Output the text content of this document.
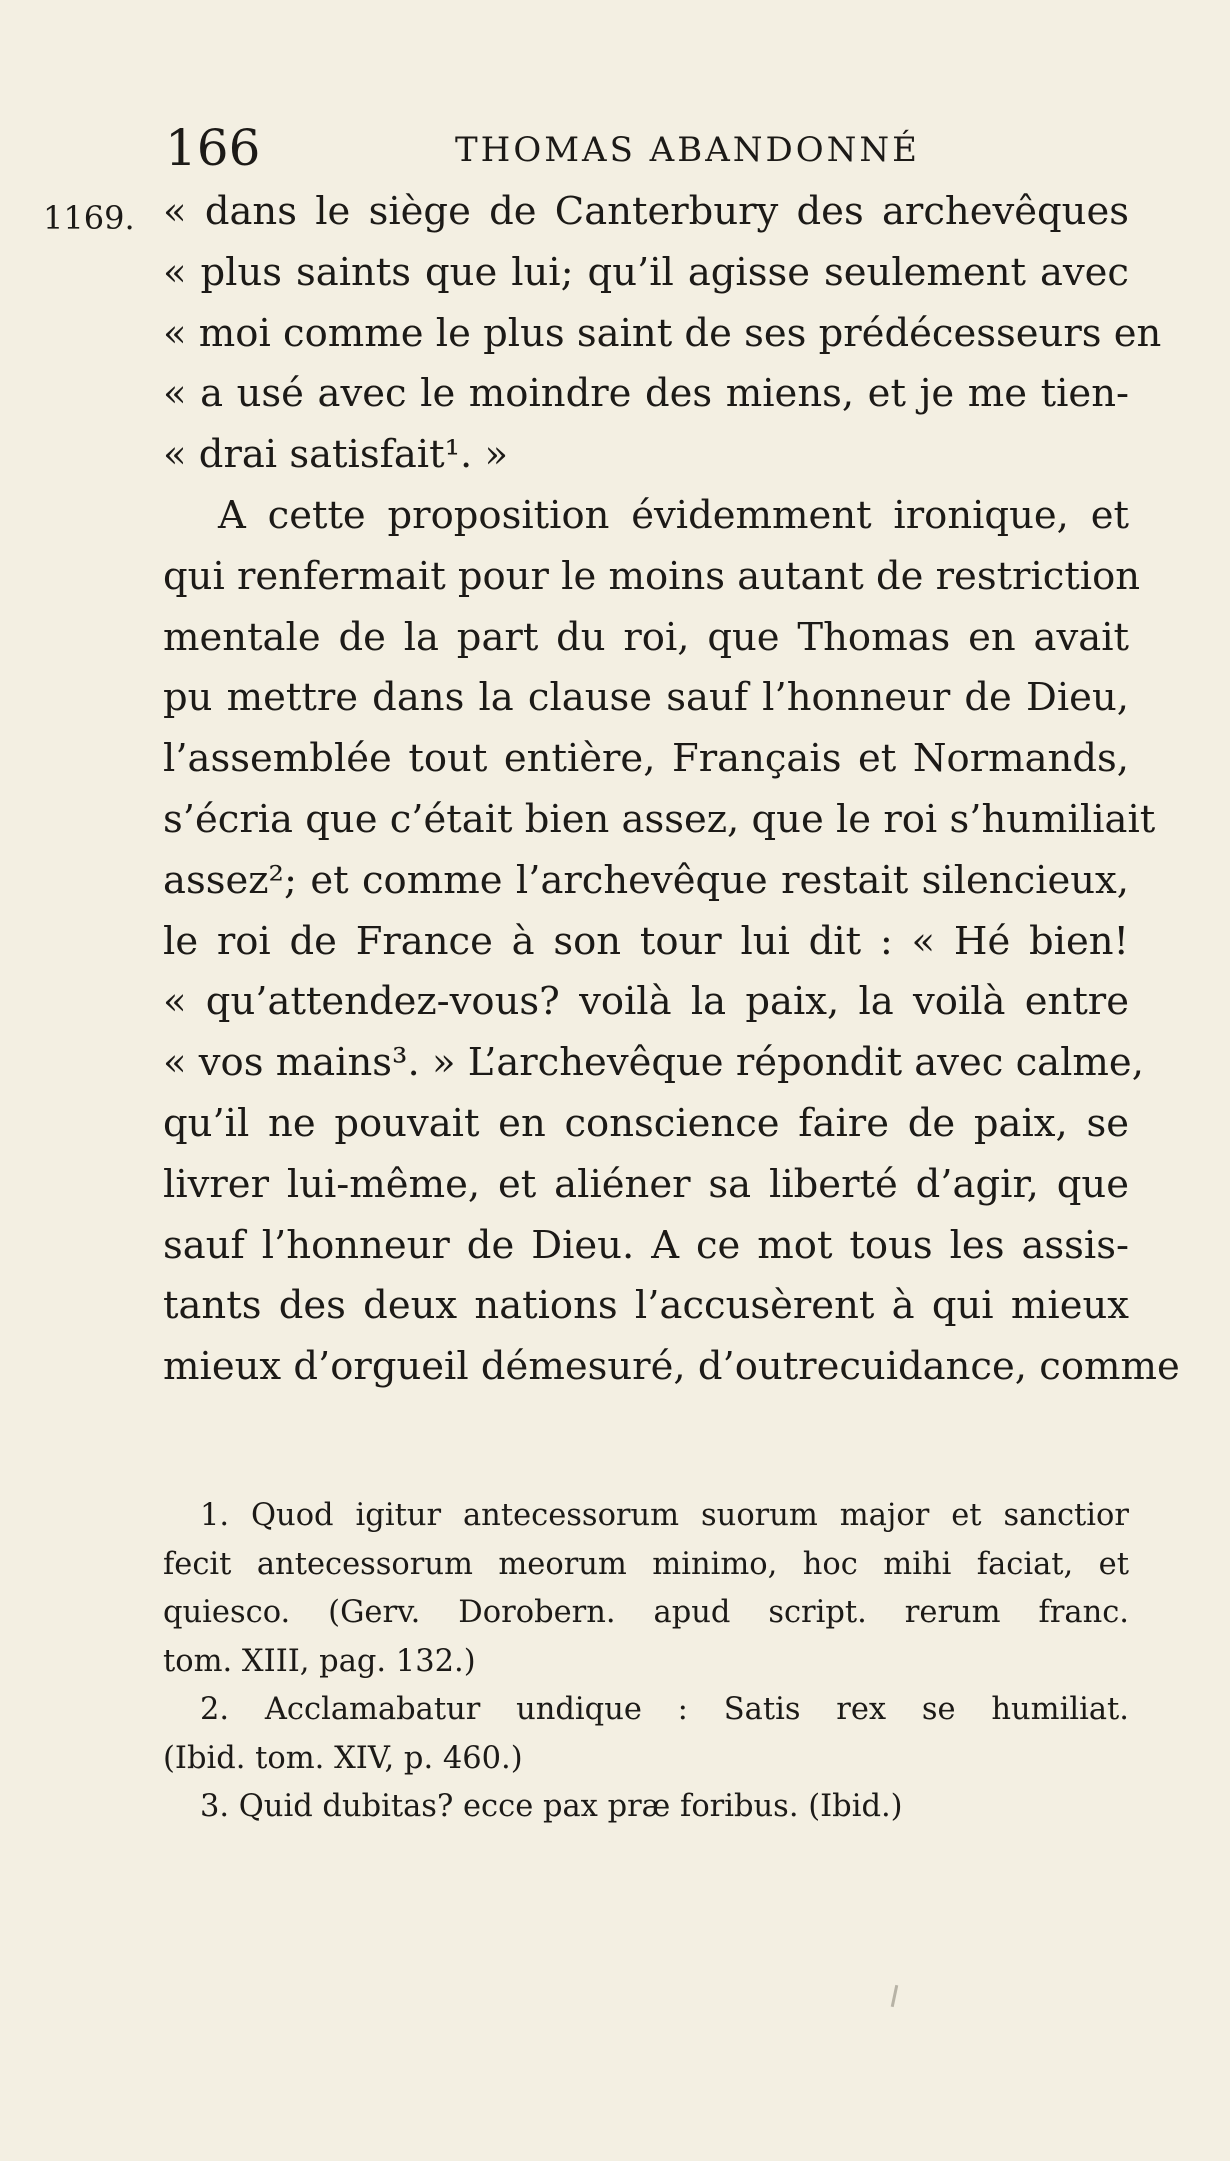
166	THOMAS ABANDONNÉ
1169. « dans le siège de Canterbury des archevêques
« plus saints que lui; qu’il agisse seulement avec
« moi comme le plus saint de ses prédécesseurs en
« a usé avec le moindre des miens, et je me tien-
« drai satisfait¹. »
A cette proposition évidemment ironique, et
qui renfermait pour le moins autant de restriction
mentale de la part du roi, que Thomas en avait
pu mettre dans la clause sauf l’honneur de Dieu,
l’assemblée tout entière, Français et Normands,
s’écria que c’était bien assez, que le roi s’humiliait
assez²; et comme l’archevêque restait silencieux,
le roi de France à son tour lui dit : « Hé bien!
« qu’attendez-vous? voilà la paix, la voilà entre
« vos mains³. » L’archevêque répondit avec calme,
qu’il ne pouvait en conscience faire de paix, se
livrer lui-même, et aliéner sa liberté d’agir, que
sauf l’honneur de Dieu. A ce mot tous les assis-
tants des deux nations l’accusèrent à qui mieux
mieux d’orgueil démesuré, d’outrecuidance, comme
1. Quod igitur antecessorum suorum major et sanctior
fecit antecessorum meorum minimo, hoc mihi faciat, et
quiesco. (Gerv. Dorobern. apud script. rerum franc.
tom. XIII, pag. 132.)
2. Acclamabatur undique : Satis rex se humiliat.
(Ibid. tom. XIV, p. 460.)
3. Quid dubitas? ecce pax præ foribus. (Ibid.)
